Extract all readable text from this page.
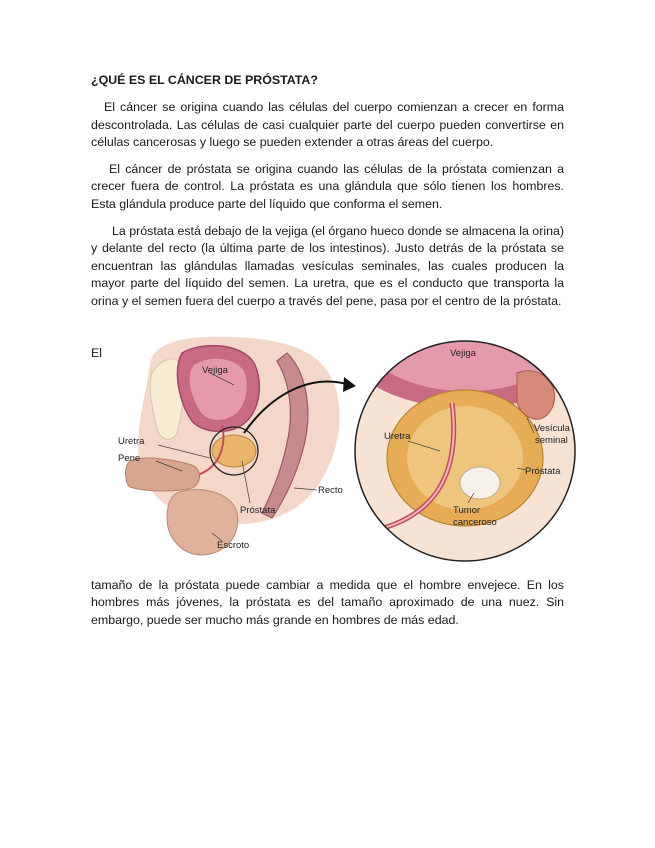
¿QUÉ ES EL CÁNCER DE PRÓSTATA?

El cáncer se origina cuando las células del cuerpo comienzan a crecer en forma descontrolada. Las células de casi cualquier parte del cuerpo pueden convertirse en células cancerosas y luego se pueden extender a otras áreas del cuerpo.

El cáncer de próstata se origina cuando las células de la próstata comienzan a crecer fuera de control. La próstata es una glándula que sólo tienen los hombres. Esta glándula produce parte del líquido que conforma el semen.

La próstata está debajo de la vejiga (el órgano hueco donde se almacena la orina) y delante del recto (la última parte de los intestinos). Justo detrás de la próstata se encuentran las glándulas llamadas vesículas seminales, las cuales producen la mayor parte del líquido del semen. La uretra, que es el conducto que transporta la orina y el semen fuera del cuerpo a través del pene, pasa por el centro de la próstata.

El
Vejiga
Uretra
Pene
Recto
Próstata
Escroto
Vejiga
Uretra
Vesícula
seminal
Próstata
Tumor
canceroso

tamaño de la próstata puede cambiar a medida que el hombre envejece. En los hombres más jóvenes, la próstata es del tamaño aproximado de una nuez. Sin embargo, puede ser mucho más grande en hombres de más edad.
